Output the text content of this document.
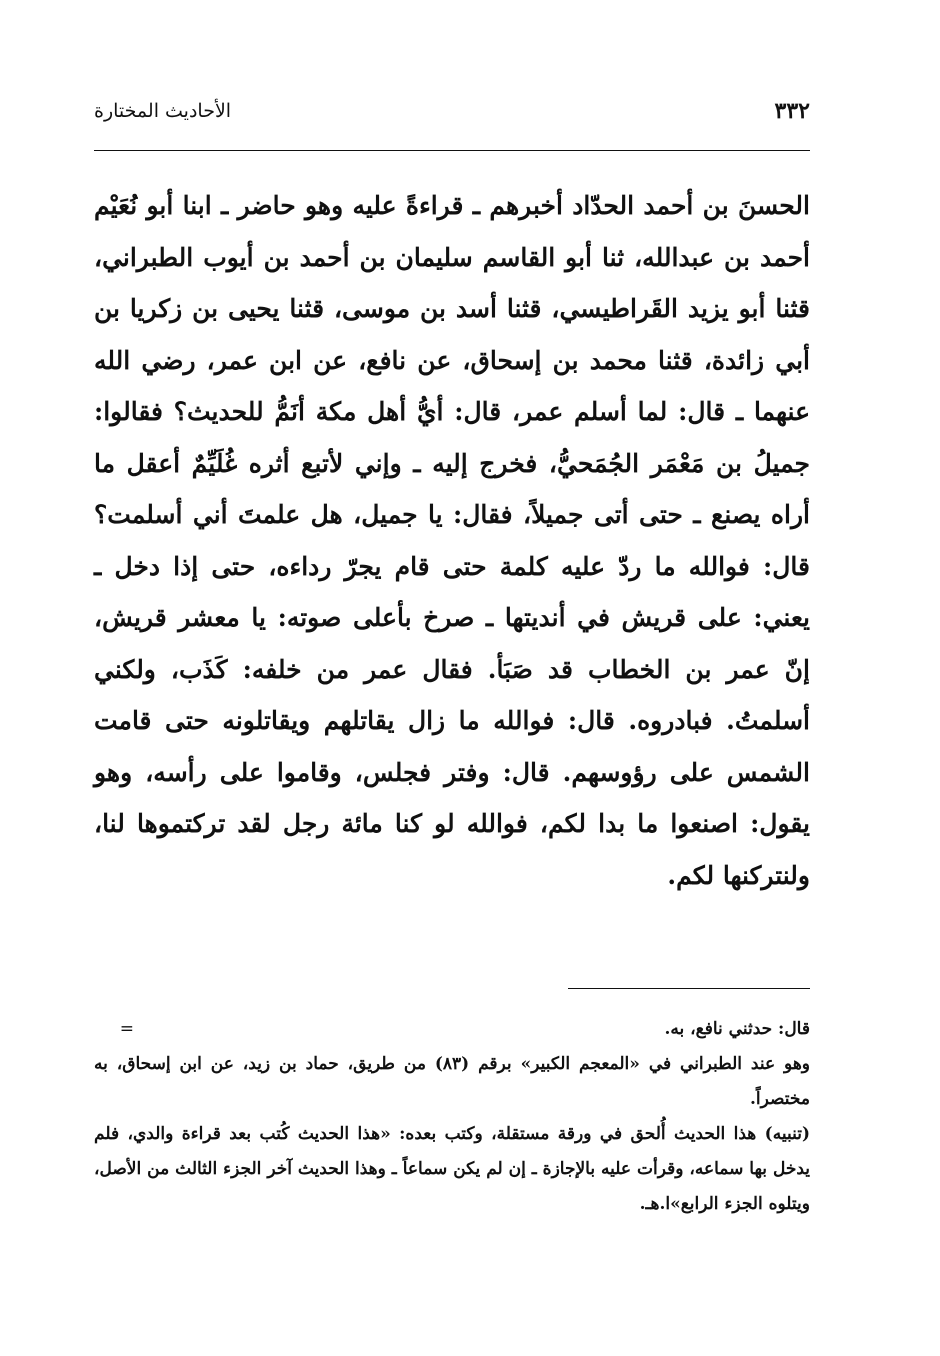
٣٣٢
الأحاديث المختارة

الحسنَ بن أحمد الحدّاد أخبرهم ـ قراءةً عليه وهو حاضر ـ ابنا أبو نُعَيْم أحمد بن عبدالله، ثنا أبو القاسم سليمان بن أحمد بن أيوب الطبراني، قثنا أبو يزيد القَراطيسي، قثنا أسد بن موسى، قثنا يحيى بن زكريا بن أبي زائدة، قثنا محمد بن إسحاق، عن نافع، عن ابن عمر، رضي الله عنهما ـ قال: لما أسلم عمر، قال: أيُّ أهل مكة أنَمُّ للحديث؟ فقالوا: جميلُ بن مَعْمَر الجُمَحيُّ، فخرج إليه ـ وإني لأتبع أثره غُلَيِّمٌ أعقل ما أراه يصنع ـ حتى أتى جميلاً، فقال: يا جميل، هل علمتَ أني أسلمت؟ قال: فوالله ما ردّ عليه كلمة حتى قام يجرّ رداءه، حتى إذا دخل ـ يعني: على قريش في أنديتها ـ صرخ بأعلى صوته: يا معشر قريش، إنّ عمر بن الخطاب قد صَبَأ. فقال عمر من خلفه: كَذَب، ولكني أسلمتُ. فبادروه. قال: فوالله ما زال يقاتلهم ويقاتلونه حتى قامت الشمس على رؤوسهم. قال: وفتر فجلس، وقاموا على رأسه، وهو يقول: اصنعوا ما بدا لكم، فوالله لو كنا مائة رجل لقد تركتموها لنا، ولنتركنها لكم.

قال: حدثني نافع، به.

=

وهو عند الطبراني في «المعجم الكبير» برقم (٨٣) من طريق، حماد بن زيد، عن ابن إسحاق، به مختصراً.

(تنبيه) هذا الحديث أُلحق في ورقة مستقلة، وكتب بعده: «هذا الحديث كُتب بعد قراءة والدي، فلم يدخل بها سماعه، وقرأت عليه بالإجازة ـ إن لم يكن سماعاً ـ وهذا الحديث آخر الجزء الثالث من الأصل، ويتلوه الجزء الرابع»ا.هـ.
